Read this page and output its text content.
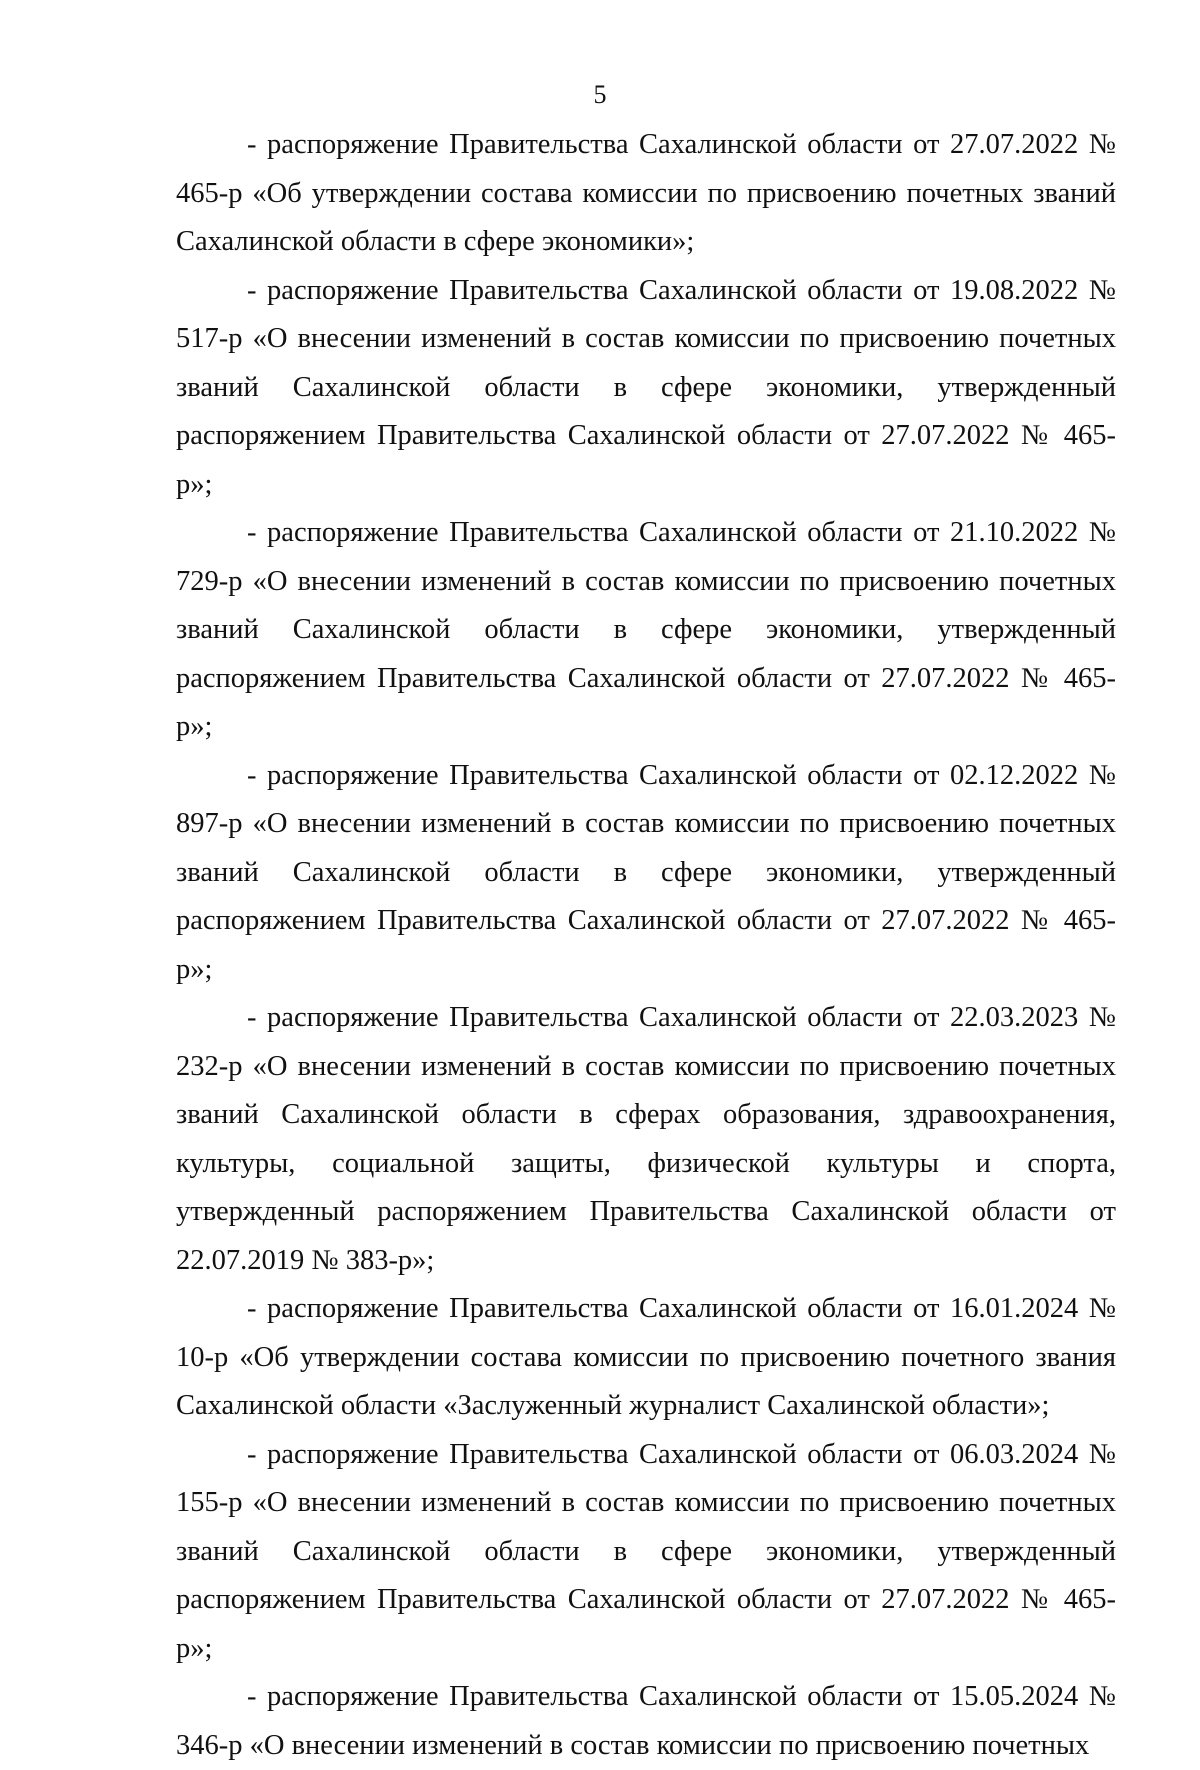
5

- распоряжение Правительства Сахалинской области от 27.07.2022 № 465-р «Об утверждении состава комиссии по присвоению почетных званий Сахалинской области в сфере экономики»;

- распоряжение Правительства Сахалинской области от 19.08.2022 № 517-р «О внесении изменений в состав комиссии по присвоению почетных званий Сахалинской области в сфере экономики, утвержденный распоряжением Правительства Сахалинской области от 27.07.2022 № 465-р»;

- распоряжение Правительства Сахалинской области от 21.10.2022 № 729-р «О внесении изменений в состав комиссии по присвоению почетных званий Сахалинской области в сфере экономики, утвержденный распоряжением Правительства Сахалинской области от 27.07.2022 № 465-р»;

- распоряжение Правительства Сахалинской области от 02.12.2022 № 897-р «О внесении изменений в состав комиссии по присвоению почетных званий Сахалинской области в сфере экономики, утвержденный распоряжением Правительства Сахалинской области от 27.07.2022 № 465-р»;

- распоряжение Правительства Сахалинской области от 22.03.2023 № 232-р «О внесении изменений в состав комиссии по присвоению почетных званий Сахалинской области в сферах образования, здравоохранения, культуры, социальной защиты, физической культуры и спорта, утвержденный распоряжением Правительства Сахалинской области от 22.07.2019 № 383-р»;

- распоряжение Правительства Сахалинской области от 16.01.2024 № 10-р «Об утверждении состава комиссии по присвоению почетного звания Сахалинской области «Заслуженный журналист Сахалинской области»;

- распоряжение Правительства Сахалинской области от 06.03.2024 № 155-р «О внесении изменений в состав комиссии по присвоению почетных званий Сахалинской области в сфере экономики, утвержденный распоряжением Правительства Сахалинской области от 27.07.2022 № 465-р»;

- распоряжение Правительства Сахалинской области от 15.05.2024 № 346-р «О внесении изменений в состав комиссии по присвоению почетных
